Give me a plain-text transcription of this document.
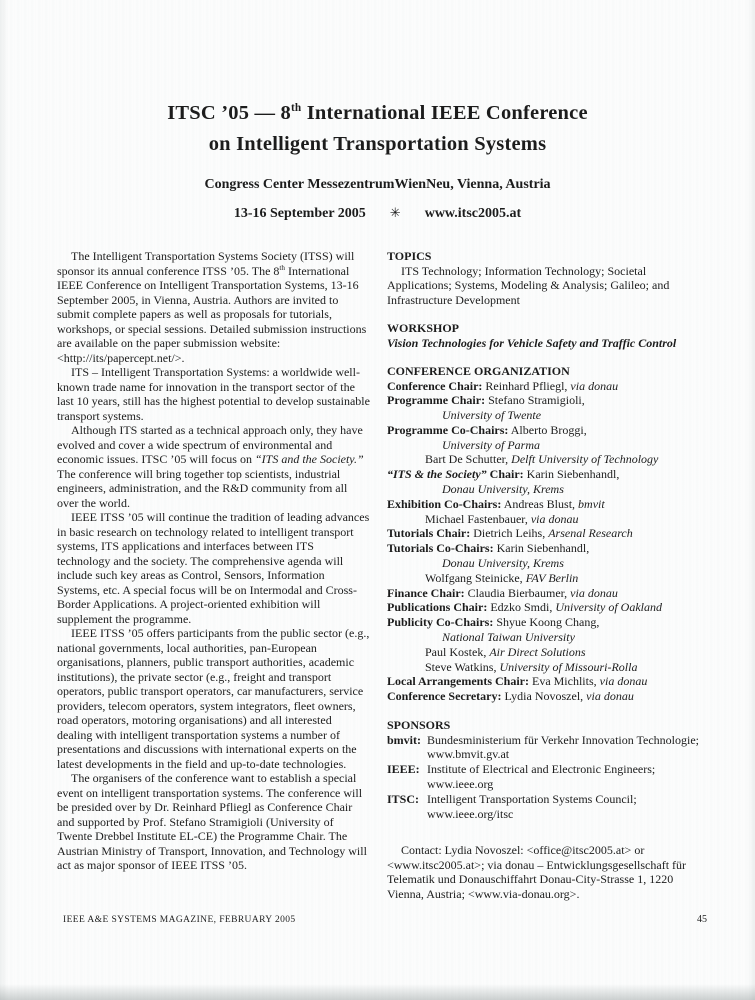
ITSC ’05 — 8th International IEEE Conference
on Intelligent Transportation Systems
Congress Center MessezentrumWienNeu, Vienna, Austria
13-16 September 2005 ✳ www.itsc2005.at

The Intelligent Transportation Systems Society (ITSS) will sponsor its annual conference ITSS ’05. The 8th International IEEE Conference on Intelligent Transportation Systems, 13-16 September 2005, in Vienna, Austria. Authors are invited to submit complete papers as well as proposals for tutorials, workshops, or special sessions. Detailed submission instructions are available on the paper submission website: <http://its/papercept.net/>.

ITS – Intelligent Transportation Systems: a worldwide well-known trade name for innovation in the transport sector of the last 10 years, still has the highest potential to develop sustainable transport systems.

Although ITS started as a technical approach only, they have evolved and cover a wide spectrum of environmental and economic issues. ITSC ’05 will focus on “ITS and the Society.” The conference will bring together top scientists, industrial engineers, administration, and the R&D community from all over the world.

IEEE ITSS ’05 will continue the tradition of leading advances in basic research on technology related to intelligent transport systems, ITS applications and interfaces between ITS technology and the society. The comprehensive agenda will include such key areas as Control, Sensors, Information Systems, etc. A special focus will be on Intermodal and Cross-Border Applications. A project-oriented exhibition will supplement the programme.

IEEE ITSS ’05 offers participants from the public sector (e.g., national governments, local authorities, pan-European organisations, planners, public transport authorities, academic institutions), the private sector (e.g., freight and transport operators, public transport operators, car manufacturers, service providers, telecom operators, system integrators, fleet owners, road operators, motoring organisations) and all interested dealing with intelligent transportation systems a number of presentations and discussions with international experts on the latest developments in the field and up-to-date technologies.

The organisers of the conference want to establish a special event on intelligent transportation systems. The conference will be presided over by Dr. Reinhard Pfliegl as Conference Chair and supported by Prof. Stefano Stramigioli (University of Twente Drebbel Institute EL-CE) the Programme Chair. The Austrian Ministry of Transport, Innovation, and Technology will act as major sponsor of IEEE ITSS ’05.

TOPICS
ITS Technology; Information Technology; Societal Applications; Systems, Modeling & Analysis; Galileo; and Infrastructure Development
WORKSHOP
Vision Technologies for Vehicle Safety and Traffic Control
CONFERENCE ORGANIZATION
Conference Chair: Reinhard Pfliegl, via donau
Programme Chair: Stefano Stramigioli,
University of Twente
Programme Co-Chairs: Alberto Broggi,
University of Parma
Bart De Schutter, Delft University of Technology
“ITS & the Society” Chair: Karin Siebenhandl,
Donau University, Krems
Exhibition Co-Chairs: Andreas Blust, bmvit
Michael Fastenbauer, via donau
Tutorials Chair: Dietrich Leihs, Arsenal Research
Tutorials Co-Chairs: Karin Siebenhandl,
Donau University, Krems
Wolfgang Steinicke, FAV Berlin
Finance Chair: Claudia Bierbaumer, via donau
Publications Chair: Edzko Smdi, University of Oakland
Publicity Co-Chairs: Shyue Koong Chang,
National Taiwan University
Paul Kostek, Air Direct Solutions
Steve Watkins, University of Missouri-Rolla
Local Arrangements Chair: Eva Michlits, via donau
Conference Secretary: Lydia Novoszel, via donau
SPONSORS
bmvit: Bundesministerium für Verkehr Innovation Technologie; www.bmvit.gv.at
IEEE: Institute of Electrical and Electronic Engineers; www.ieee.org
ITSC: Intelligent Transportation Systems Council; www.ieee.org/itsc
Contact: Lydia Novoszel: <office@itsc2005.at> or <www.itsc2005.at>; via donau – Entwicklungsgesellschaft für Telematik und Donauschiffahrt Donau-City-Strasse 1, 1220 Vienna, Austria; <www.via-donau.org>.
IEEE A&E SYSTEMS MAGAZINE, FEBRUARY 2005	45
